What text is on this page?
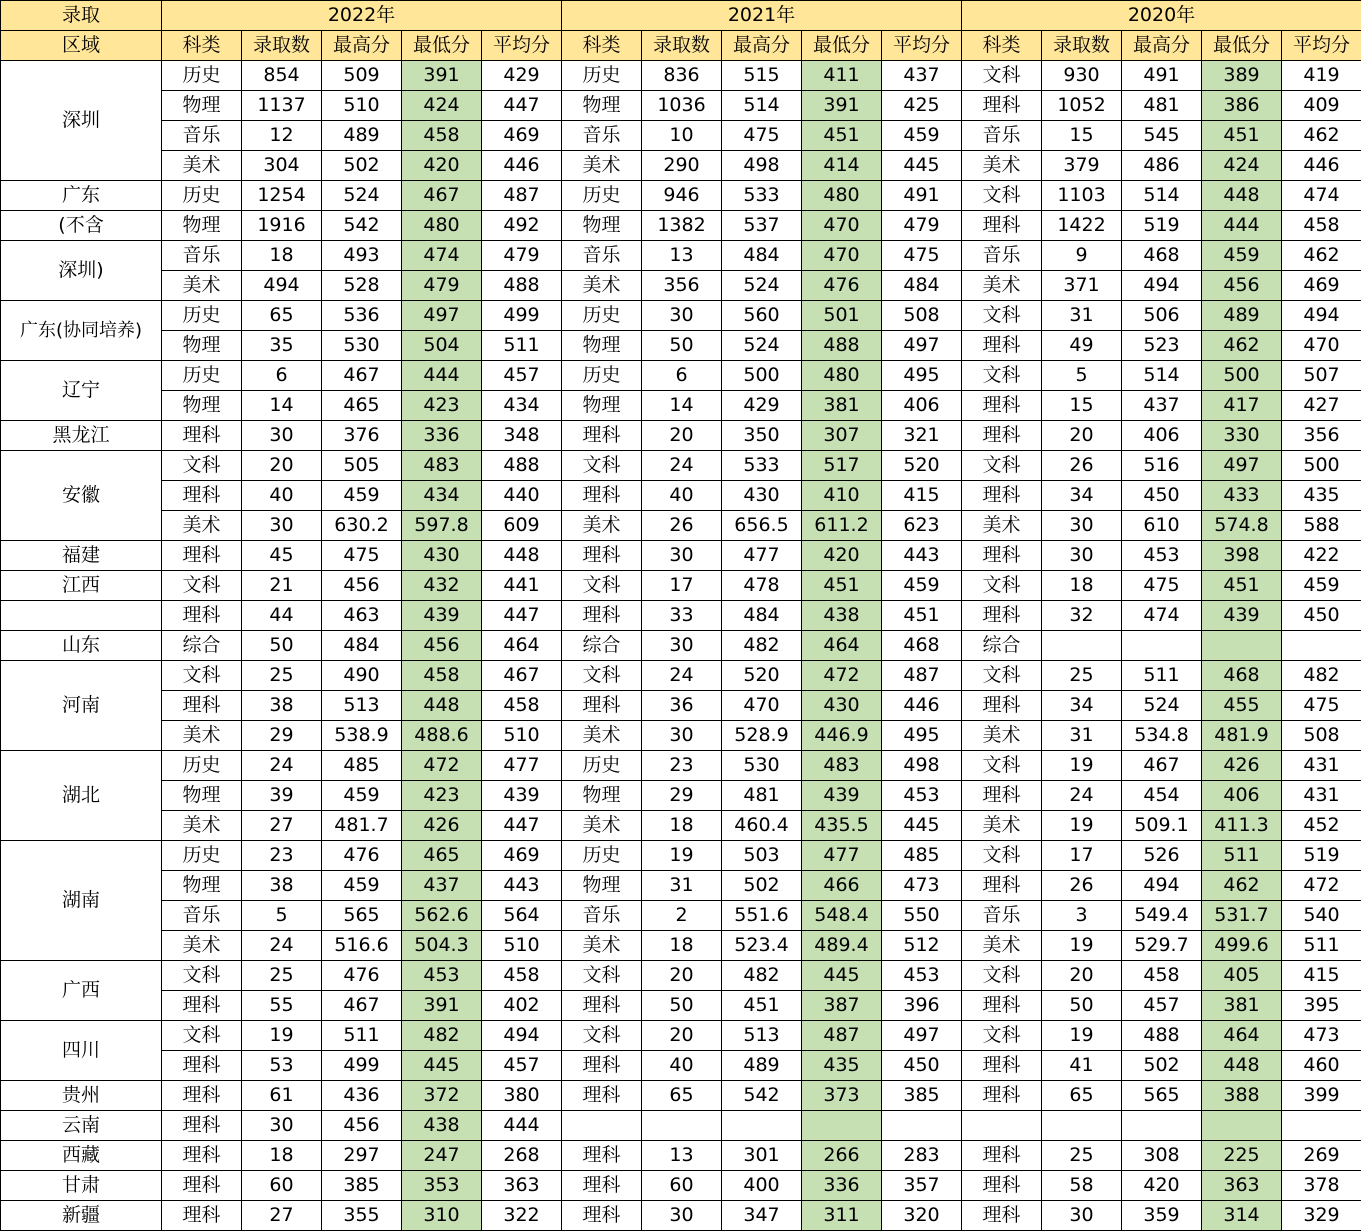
录取	2022年					2021年					2020年				
区域	科类	录取数	最高分	最低分	平均分	科类	录取数	最高分	最低分	平均分	科类	录取数	最高分	最低分	平均分
深圳	历史	854	509	391	429	历史	836	515	411	437	文科	930	491	389	419
	物理	1137	510	424	447	物理	1036	514	391	425	理科	1052	481	386	409
	音乐	12	489	458	469	音乐	10	475	451	459	音乐	15	545	451	462
	美术	304	502	420	446	美术	290	498	414	445	美术	379	486	424	446
广东	历史	1254	524	467	487	历史	946	533	480	491	文科	1103	514	448	474
(不含	物理	1916	542	480	492	物理	1382	537	470	479	理科	1422	519	444	458
深圳)	音乐	18	493	474	479	音乐	13	484	470	475	音乐	9	468	459	462
	美术	494	528	479	488	美术	356	524	476	484	美术	371	494	456	469
广东(协同培养)	历史	65	536	497	499	历史	30	560	501	508	文科	31	506	489	494
	物理	35	530	504	511	物理	50	524	488	497	理科	49	523	462	470
辽宁	历史	6	467	444	457	历史	6	500	480	495	文科	5	514	500	507
	物理	14	465	423	434	物理	14	429	381	406	理科	15	437	417	427
黑龙江	理科	30	376	336	348	理科	20	350	307	321	理科	20	406	330	356
安徽	文科	20	505	483	488	文科	24	533	517	520	文科	26	516	497	500
	理科	40	459	434	440	理科	40	430	410	415	理科	34	450	433	435
	美术	30	630.2	597.8	609	美术	26	656.5	611.2	623	美术	30	610	574.8	588
福建	理科	45	475	430	448	理科	30	477	420	443	理科	30	453	398	422
江西	文科	21	456	432	441	文科	17	478	451	459	文科	18	475	451	459
	理科	44	463	439	447	理科	33	484	438	451	理科	32	474	439	450
山东	综合	50	484	456	464	综合	30	482	464	468	综合				
河南	文科	25	490	458	467	文科	24	520	472	487	文科	25	511	468	482
	理科	38	513	448	458	理科	36	470	430	446	理科	34	524	455	475
	美术	29	538.9	488.6	510	美术	30	528.9	446.9	495	美术	31	534.8	481.9	508
湖北	历史	24	485	472	477	历史	23	530	483	498	文科	19	467	426	431
	物理	39	459	423	439	物理	29	481	439	453	理科	24	454	406	431
	美术	27	481.7	426	447	美术	18	460.4	435.5	445	美术	19	509.1	411.3	452
湖南	历史	23	476	465	469	历史	19	503	477	485	文科	17	526	511	519
	物理	38	459	437	443	物理	31	502	466	473	理科	26	494	462	472
	音乐	5	565	562.6	564	音乐	2	551.6	548.4	550	音乐	3	549.4	531.7	540
	美术	24	516.6	504.3	510	美术	18	523.4	489.4	512	美术	19	529.7	499.6	511
广西	文科	25	476	453	458	文科	20	482	445	453	文科	20	458	405	415
	理科	55	467	391	402	理科	50	451	387	396	理科	50	457	381	395
四川	文科	19	511	482	494	文科	20	513	487	497	文科	19	488	464	473
	理科	53	499	445	457	理科	40	489	435	450	理科	41	502	448	460
贵州	理科	61	436	372	380	理科	65	542	373	385	理科	65	565	388	399
云南	理科	30	456	438	444										
西藏	理科	18	297	247	268	理科	13	301	266	283	理科	25	308	225	269
甘肃	理科	60	385	353	363	理科	60	400	336	357	理科	58	420	363	378
新疆	理科	27	355	310	322	理科	30	347	311	320	理科	30	359	314	329
